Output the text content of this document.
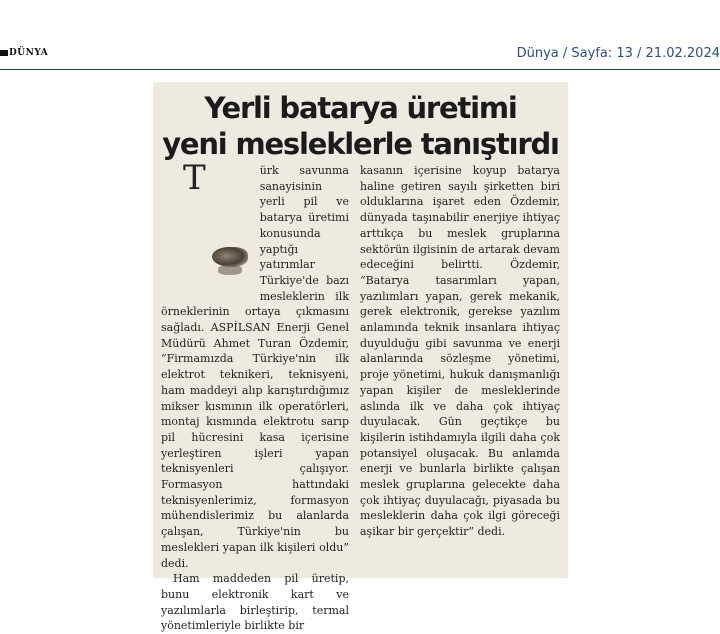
DÜNYA	Dünya / Sayfa: 13 / 21.02.2024
Yerli batarya üretimi
yeni mesleklerle tanıştırdı
T	ürk savunma sanayisinin yerli pil ve batarya üretimi konusunda yaptığı yatırımlar Türkiye'de bazı mesleklerin ilk örneklerinin ortaya çıkmasını sağladı. ASPİLSAN Enerji Genel Müdürü Ahmet Turan Özdemir, “Firmamızda Türkiye'nin ilk elektrot teknikeri, teknisyeni, ham maddeyi alıp karıştırdığımız mikser kısmının ilk operatörleri, montaj kısmında elektrotu sarıp pil hücresini kasa içerisine yerleştiren işleri yapan teknisyenleri çalışıyor. Formasyon hattındaki teknisyenlerimiz, formasyon mühendislerimiz bu alanlarda çalışan, Türkiye'nin bu meslekleri yapan ilk kişileri oldu” dedi.

Ham maddeden pil üretip, bunu elektronik kart ve yazılımlarla birleştirip, termal yönetimleriyle birlikte bir

kasanın içerisine koyup batarya haline getiren sayılı şirketten biri olduklarına işaret eden Özdemir, dünyada taşınabilir enerjiye ihtiyaç arttıkça bu meslek gruplarına sektörün ilgisinin de artarak devam edeceğini belirtti. Özdemir, “Batarya tasarımları yapan, yazılımları yapan, gerek mekanik, gerek elektronik, gerekse yazılım anlamında teknik insanlara ihtiyaç duyulduğu gibi savunma ve enerji alanlarında sözleşme yönetimi, proje yönetimi, hukuk danışmanlığı yapan kişiler de mesleklerinde aslında ilk ve daha çok ihtiyaç duyulacak. Gün geçtikçe bu kişilerin istihdamıyla ilgili daha çok potansiyel oluşacak. Bu anlamda enerji ve bunlarla birlikte çalışan meslek gruplarına gelecekte daha çok ihtiyaç duyulacağı, piyasada bu mesleklerin daha çok ilgi göreceği aşikar bir gerçektir” dedi.
